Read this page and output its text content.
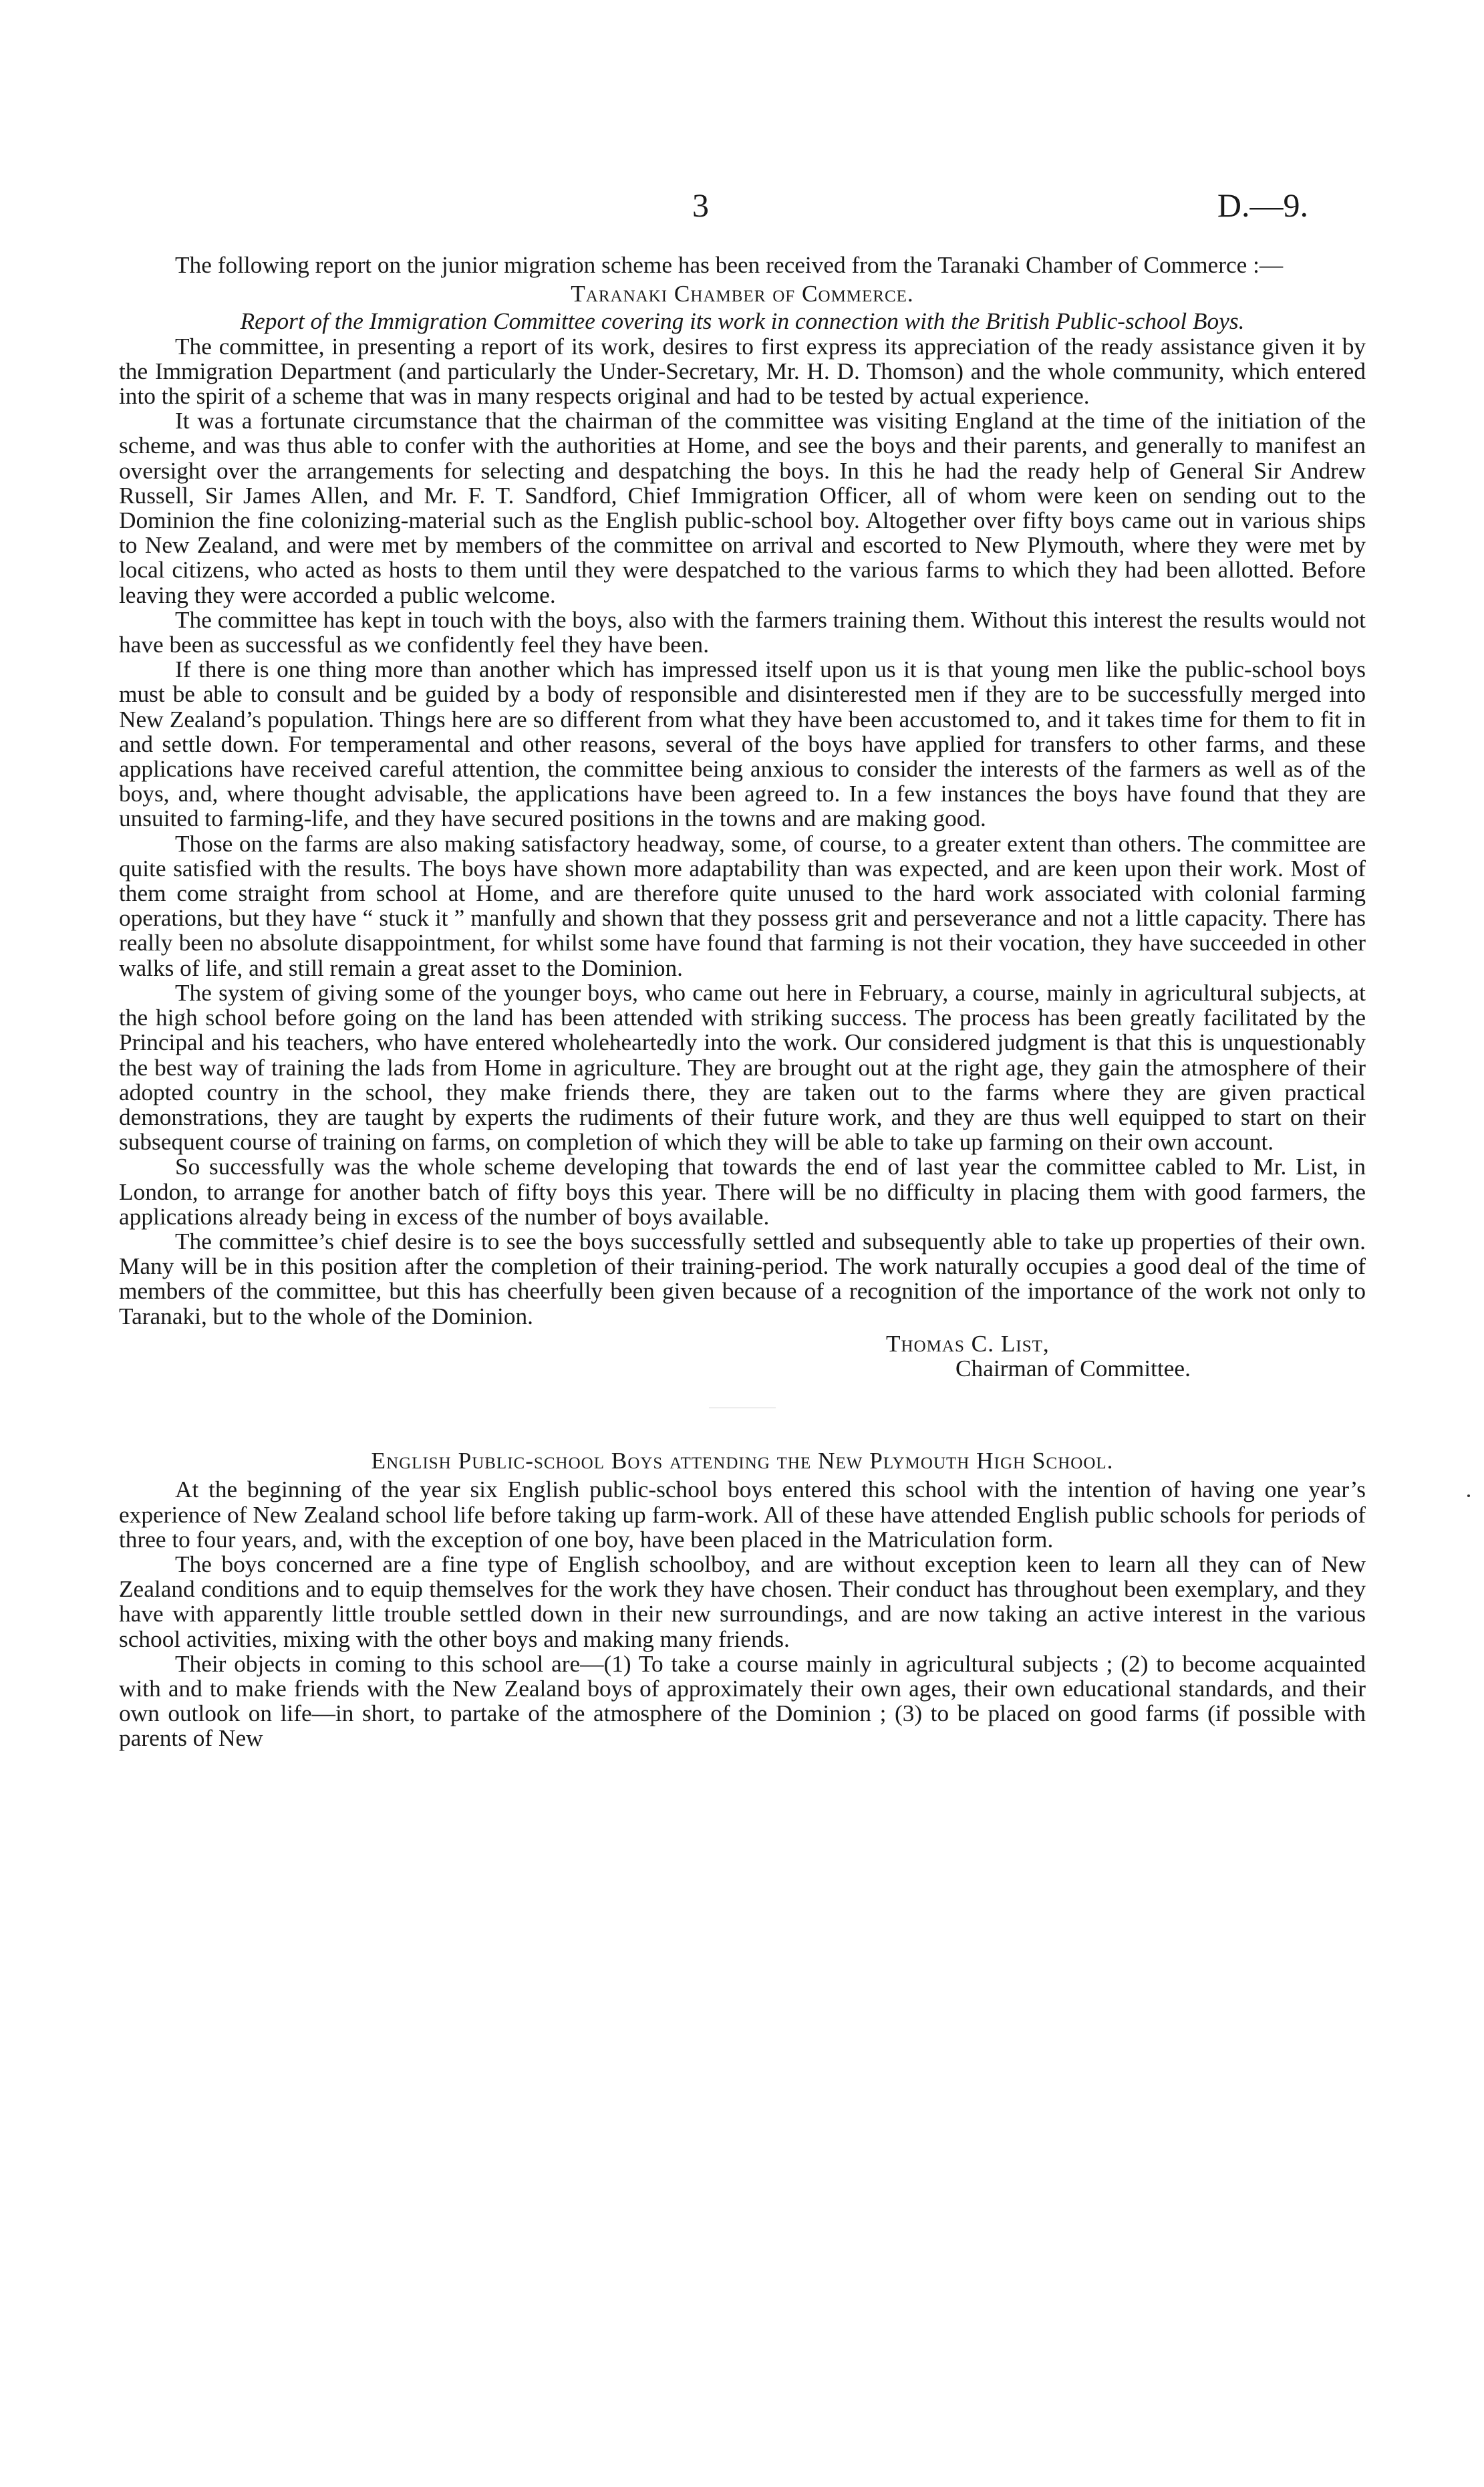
3	D.—9.

The following report on the junior migration scheme has been received from the Taranaki Chamber of Commerce :—

Taranaki Chamber of Commerce.
Report of the Immigration Committee covering its work in connection with the British Public-school Boys.

The committee, in presenting a report of its work, desires to first express its appreciation of the ready assistance given it by the Immigration Department (and particularly the Under-Secretary, Mr. H. D. Thomson) and the whole community, which entered into the spirit of a scheme that was in many respects original and had to be tested by actual experience.

It was a fortunate circumstance that the chairman of the committee was visiting England at the time of the initiation of the scheme, and was thus able to confer with the authorities at Home, and see the boys and their parents, and generally to manifest an oversight over the arrangements for selecting and despatching the boys. In this he had the ready help of General Sir Andrew Russell, Sir James Allen, and Mr. F. T. Sandford, Chief Immigration Officer, all of whom were keen on sending out to the Dominion the fine colonizing-material such as the English public-school boy. Altogether over fifty boys came out in various ships to New Zealand, and were met by members of the committee on arrival and escorted to New Plymouth, where they were met by local citizens, who acted as hosts to them until they were despatched to the various farms to which they had been allotted. Before leaving they were accorded a public welcome.

The committee has kept in touch with the boys, also with the farmers training them. Without this interest the results would not have been as successful as we confidently feel they have been.

If there is one thing more than another which has impressed itself upon us it is that young men like the public-school boys must be able to consult and be guided by a body of responsible and disinterested men if they are to be successfully merged into New Zealand’s population. Things here are so different from what they have been accustomed to, and it takes time for them to fit in and settle down. For temperamental and other reasons, several of the boys have applied for transfers to other farms, and these applications have received careful attention, the committee being anxious to consider the interests of the farmers as well as of the boys, and, where thought advisable, the applications have been agreed to. In a few instances the boys have found that they are unsuited to farming-life, and they have secured positions in the towns and are making good.

Those on the farms are also making satisfactory headway, some, of course, to a greater extent than others. The committee are quite satisfied with the results. The boys have shown more adaptability than was expected, and are keen upon their work. Most of them come straight from school at Home, and are therefore quite unused to the hard work associated with colonial farming operations, but they have “ stuck it ” manfully and shown that they possess grit and perseverance and not a little capacity. There has really been no absolute disappointment, for whilst some have found that farming is not their vocation, they have succeeded in other walks of life, and still remain a great asset to the Dominion.

The system of giving some of the younger boys, who came out here in February, a course, mainly in agricultural subjects, at the high school before going on the land has been attended with striking success. The process has been greatly facilitated by the Principal and his teachers, who have entered wholeheartedly into the work. Our considered judgment is that this is unquestionably the best way of training the lads from Home in agriculture. They are brought out at the right age, they gain the atmosphere of their adopted country in the school, they make friends there, they are taken out to the farms where they are given practical demonstrations, they are taught by experts the rudiments of their future work, and they are thus well equipped to start on their subsequent course of training on farms, on completion of which they will be able to take up farming on their own account.

So successfully was the whole scheme developing that towards the end of last year the committee cabled to Mr. List, in London, to arrange for another batch of fifty boys this year. There will be no difficulty in placing them with good farmers, the applications already being in excess of the number of boys available.

The committee’s chief desire is to see the boys successfully settled and subsequently able to take up properties of their own. Many will be in this position after the completion of their training-period. The work naturally occupies a good deal of the time of members of the committee, but this has cheerfully been given because of a recognition of the importance of the work not only to Taranaki, but to the whole of the Dominion.

Thomas C. List,
Chairman of Committee.
English Public-school Boys attending the New Plymouth High School.

At the beginning of the year six English public-school boys entered this school with the intention of having one year’s experience of New Zealand school life before taking up farm-work. All of these have attended English public schools for periods of three to four years, and, with the exception of one boy, have been placed in the Matriculation form.

The boys concerned are a fine type of English schoolboy, and are without exception keen to learn all they can of New Zealand conditions and to equip themselves for the work they have chosen. Their conduct has throughout been exemplary, and they have with apparently little trouble settled down in their new surroundings, and are now taking an active interest in the various school activities, mixing with the other boys and making many friends.

Their objects in coming to this school are—(1) To take a course mainly in agricultural subjects ; (2) to become acquainted with and to make friends with the New Zealand boys of approximately their own ages, their own educational standards, and their own outlook on life—in short, to partake of the atmosphere of the Dominion ; (3) to be placed on good farms (if possible with parents of New
